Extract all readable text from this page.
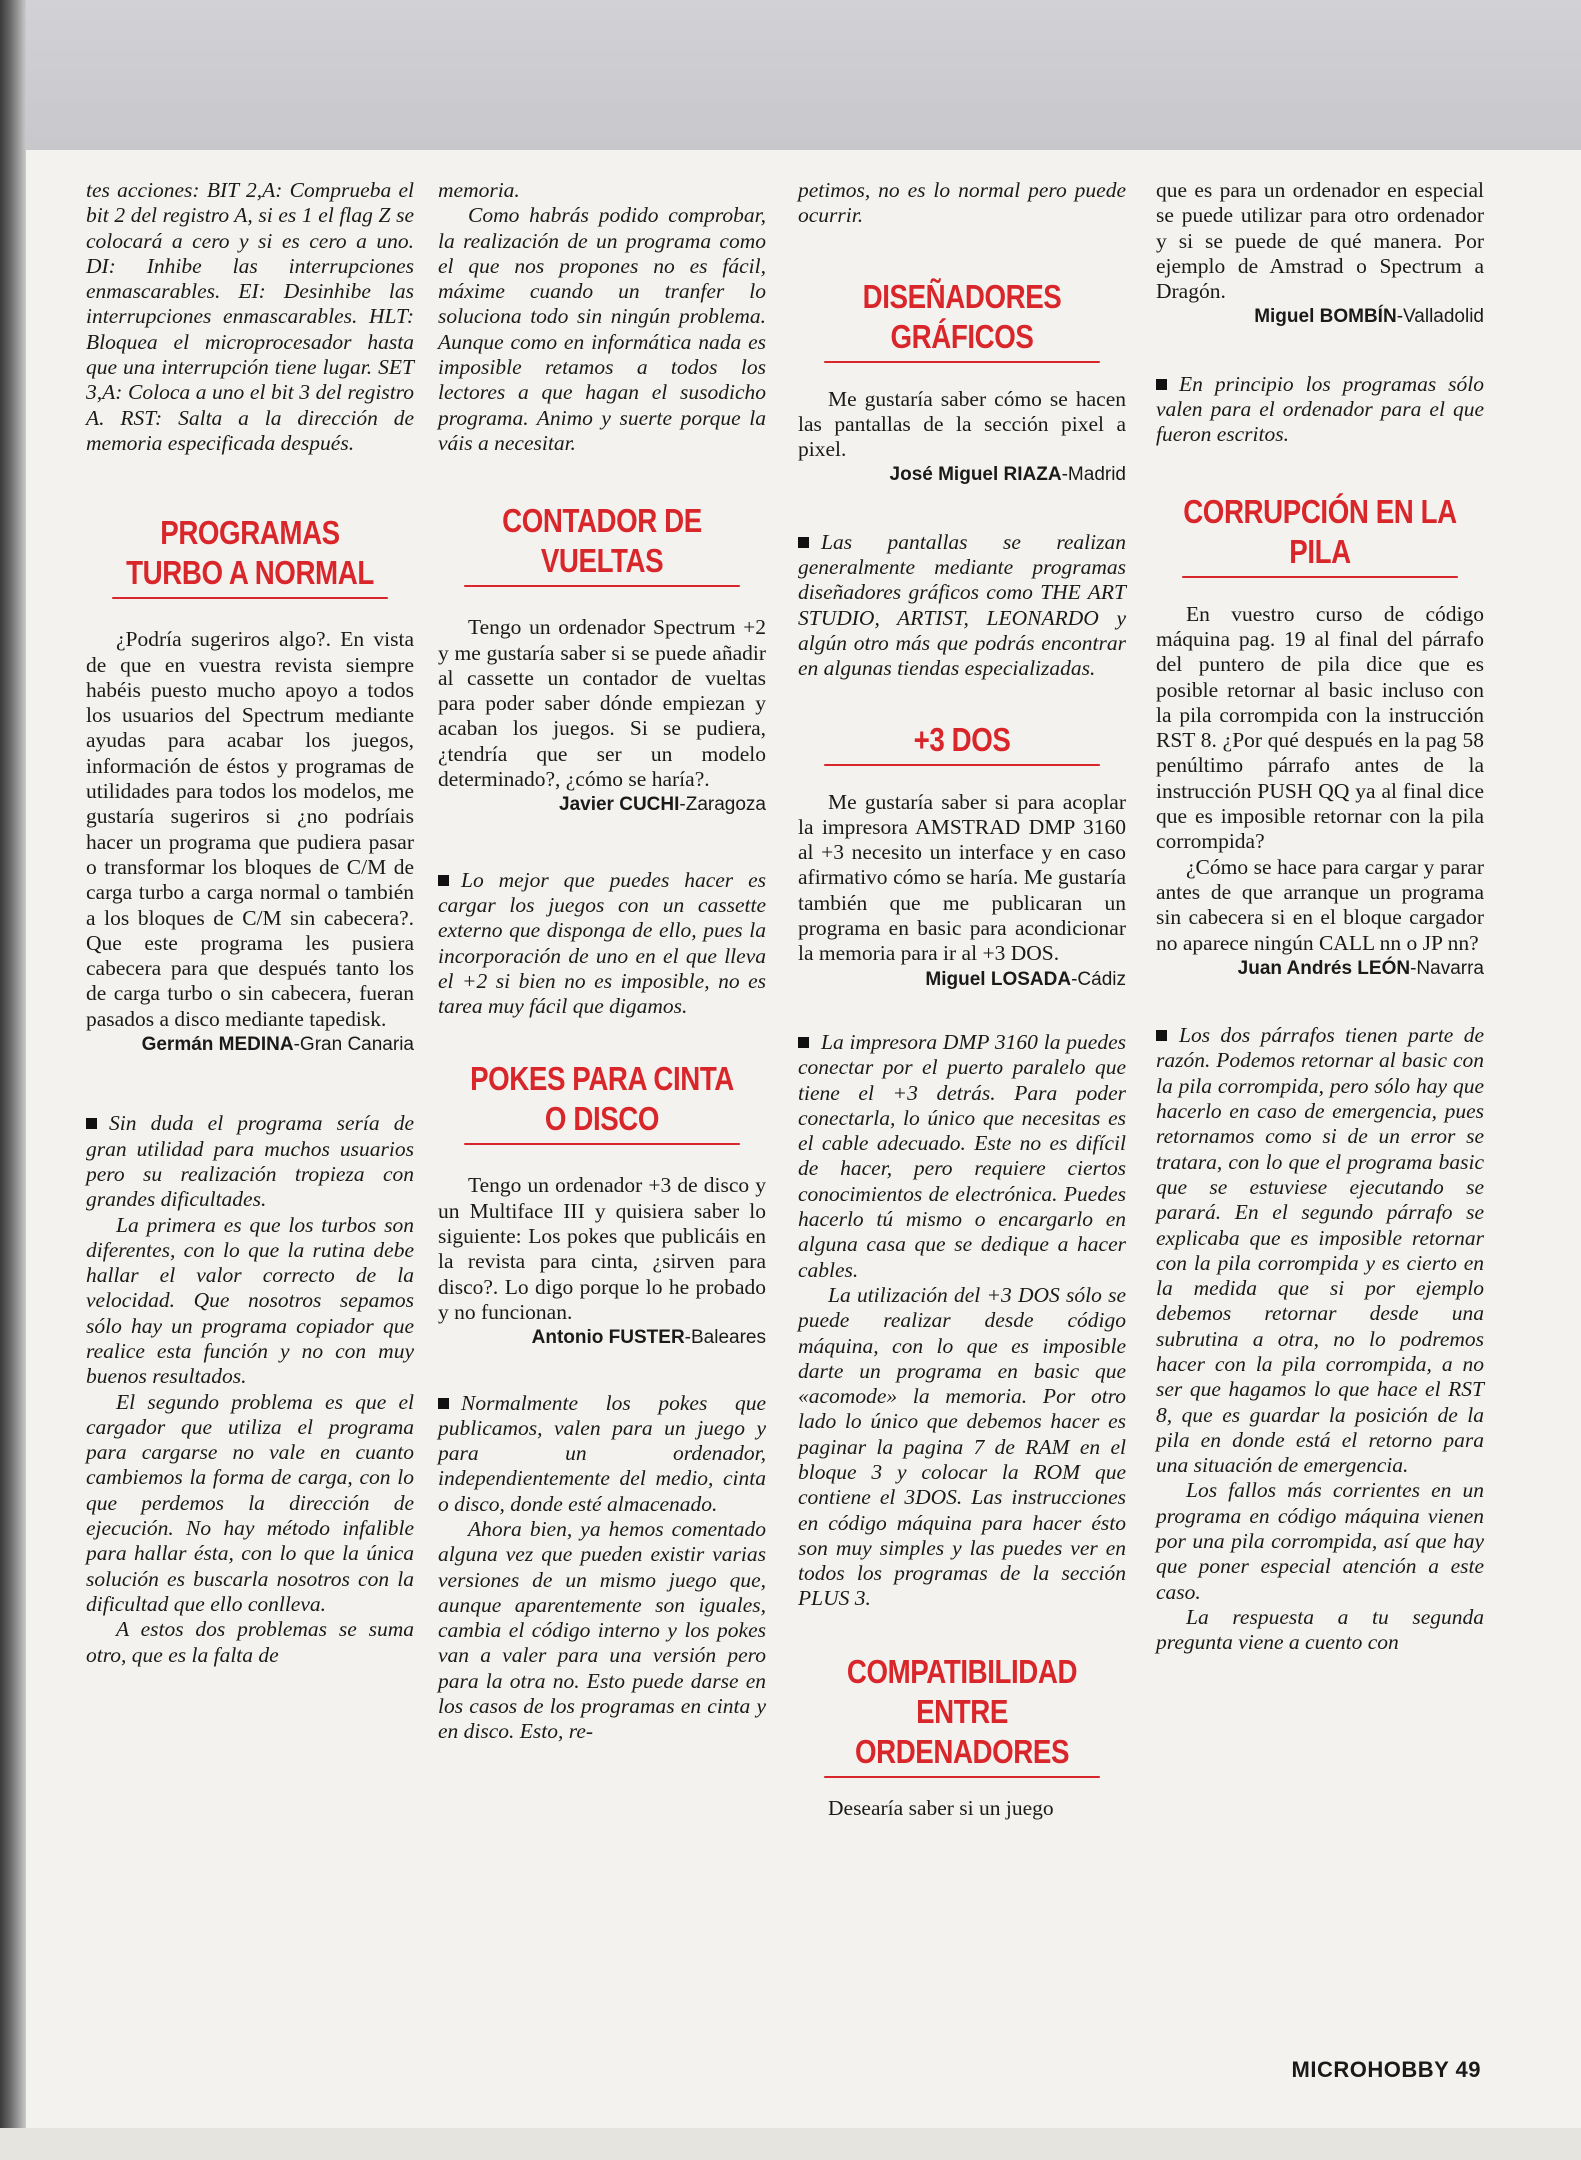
tes acciones: BIT 2,A: Comprueba el bit 2 del registro A, si es 1 el flag Z se colocará a cero y si es cero a uno. DI: Inhibe las interrupciones enmascarables. EI: Desinhibe las interrupciones enmascarables. HLT: Bloquea el microprocesador hasta que una interrupción tiene lugar. SET 3,A: Coloca a uno el bit 3 del registro A. RST: Salta a la dirección de memoria especificada después.

PROGRAMAS TURBO A NORMAL

¿Podría sugeriros algo?. En vista de que en vuestra revista siempre habéis puesto mucho apoyo a todos los usuarios del Spectrum mediante ayudas para acabar los juegos, información de éstos y programas de utilidades para todos los modelos, me gustaría sugeriros si ¿no podríais hacer un programa que pudiera pasar o transformar los bloques de C/M de carga turbo a carga normal o también a los bloques de C/M sin cabecera?. Que este programa les pusiera cabecera para que después tanto los de carga turbo o sin cabecera, fueran pasados a disco mediante tapedisk.

Germán MEDINA-Gran Canaria

Sin duda el programa sería de gran utilidad para muchos usuarios pero su realización tropieza con grandes dificultades.

La primera es que los turbos son diferentes, con lo que la rutina debe hallar el valor correcto de la velocidad. Que nosotros sepamos sólo hay un programa copiador que realice esta función y no con muy buenos resultados.

El segundo problema es que el cargador que utiliza el programa para cargarse no vale en cuanto cambiemos la forma de carga, con lo que perdemos la dirección de ejecución. No hay método infalible para hallar ésta, con lo que la única solución es buscarla nosotros con la dificultad que ello conlleva.

A estos dos problemas se suma otro, que es la falta de

memoria.

Como habrás podido comprobar, la realización de un programa como el que nos propones no es fácil, máxime cuando un tranfer lo soluciona todo sin ningún problema. Aunque como en informática nada es imposible retamos a todos los lectores a que hagan el susodicho programa. Animo y suerte porque la váis a necesitar.

CONTADOR DE VUELTAS

Tengo un ordenador Spectrum +2 y me gustaría saber si se puede añadir al cassette un contador de vueltas para poder saber dónde empiezan y acaban los juegos. Si se pudiera, ¿tendría que ser un modelo determinado?, ¿cómo se haría?.

Javier CUCHI-Zaragoza

Lo mejor que puedes hacer es cargar los juegos con un cassette externo que disponga de ello, pues la incorporación de uno en el que lleva el +2 si bien no es imposible, no es tarea muy fácil que digamos.

POKES PARA CINTA O DISCO

Tengo un ordenador +3 de disco y un Multiface III y quisiera saber lo siguiente: Los pokes que publicáis en la revista para cinta, ¿sirven para disco?. Lo digo porque lo he probado y no funcionan.

Antonio FUSTER-Baleares

Normalmente los pokes que publicamos, valen para un juego y para un ordenador, independientemente del medio, cinta o disco, donde esté almacenado.

Ahora bien, ya hemos comentado alguna vez que pueden existir varias versiones de un mismo juego que, aunque aparentemente son iguales, cambia el código interno y los pokes van a valer para una versión pero para la otra no. Esto puede darse en los casos de los programas en cinta y en disco. Esto, re-

petimos, no es lo normal pero puede ocurrir.

DISEÑADORES GRÁFICOS

Me gustaría saber cómo se hacen las pantallas de la sección pixel a pixel.

José Miguel RIAZA-Madrid

Las pantallas se realizan generalmente mediante programas diseñadores gráficos como THE ART STUDIO, ARTIST, LEONARDO y algún otro más que podrás encontrar en algunas tiendas especializadas.

+3 DOS

Me gustaría saber si para acoplar la impresora AMSTRAD DMP 3160 al +3 necesito un interface y en caso afirmativo cómo se haría. Me gustaría también que me publicaran un programa en basic para acondicionar la memoria para ir al +3 DOS.

Miguel LOSADA-Cádiz

La impresora DMP 3160 la puedes conectar por el puerto paralelo que tiene el +3 detrás. Para poder conectarla, lo único que necesitas es el cable adecuado. Este no es difícil de hacer, pero requiere ciertos conocimientos de electrónica. Puedes hacerlo tú mismo o encargarlo en alguna casa que se dedique a hacer cables.

La utilización del +3 DOS sólo se puede realizar desde código máquina, con lo que es imposible darte un programa en basic que «acomode» la memoria. Por otro lado lo único que debemos hacer es paginar la pagina 7 de RAM en el bloque 3 y colocar la ROM que contiene el 3DOS. Las instrucciones en código máquina para hacer ésto son muy simples y las puedes ver en todos los programas de la sección PLUS 3.

COMPATIBILIDAD ENTRE ORDENADORES

Desearía saber si un juego

que es para un ordenador en especial se puede utilizar para otro ordenador y si se puede de qué manera. Por ejemplo de Amstrad o Spectrum a Dragón.

Miguel BOMBÍN-Valladolid

En principio los programas sólo valen para el ordenador para el que fueron escritos.

CORRUPCIÓN EN LA PILA

En vuestro curso de código máquina pag. 19 al final del párrafo del puntero de pila dice que es posible retornar al basic incluso con la pila corrompida con la instrucción RST 8. ¿Por qué después en la pag 58 penúltimo párrafo antes de la instrucción PUSH QQ ya al final dice que es imposible retornar con la pila corrompida?

¿Cómo se hace para cargar y parar antes de que arranque un programa sin cabecera si en el bloque cargador no aparece ningún CALL nn o JP nn?

Juan Andrés LEÓN-Navarra

Los dos párrafos tienen parte de razón. Podemos retornar al basic con la pila corrompida, pero sólo hay que hacerlo en caso de emergencia, pues retornamos como si de un error se tratara, con lo que el programa basic que se estuviese ejecutando se parará. En el segundo párrafo se explicaba que es imposible retornar con la pila corrompida y es cierto en la medida que si por ejemplo debemos retornar desde una subrutina a otra, no lo podremos hacer con la pila corrompida, a no ser que hagamos lo que hace el RST 8, que es guardar la posición de la pila en donde está el retorno para una situación de emergencia.

Los fallos más corrientes en un programa en código máquina vienen por una pila corrompida, así que hay que poner especial atención a este caso.

La respuesta a tu segunda pregunta viene a cuento con

MICROHOBBY 49
